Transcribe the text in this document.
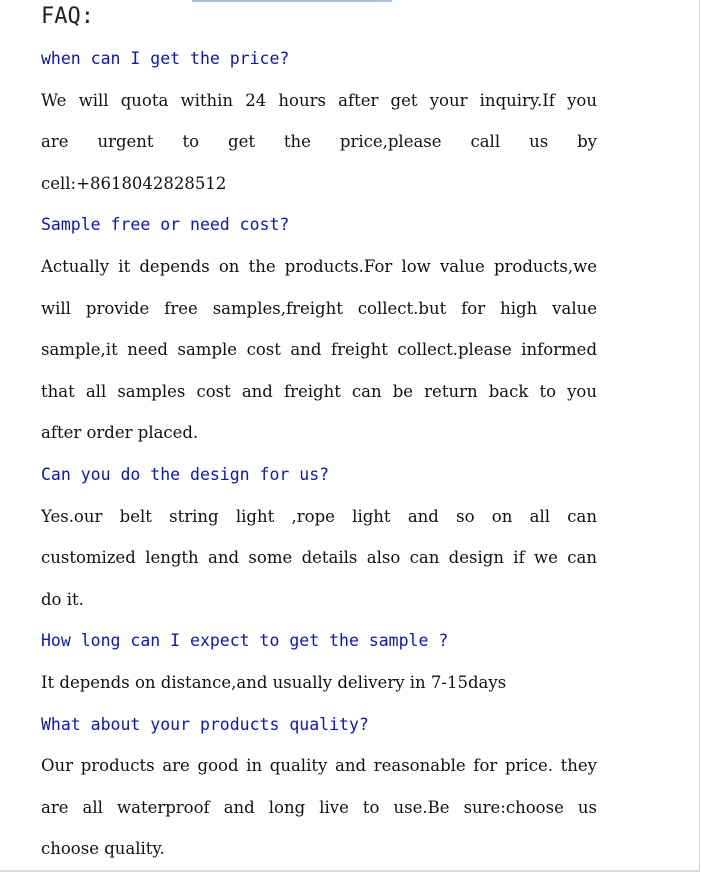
FAQ:
when can I get the price?
We will quota within 24 hours after get your inquiry.If you
are urgent to get the price,please call us by
cell:+8618042828512
Sample free or need cost?
Actually it depends on the products.For low value products,we
will provide free samples,freight collect.but for high value
sample,it need sample cost and freight collect.please informed
that all samples cost and freight can be return back to you
after order placed.
Can you do the design for us?
Yes.our belt string light ,rope light and so on all can
customized length and some details also can design if we can
do it.
How long can I expect to get the sample ?
It depends on distance,and usually delivery in 7-15days
What about your products quality?
Our products are good in quality and reasonable for price. they
are all waterproof and long live to use.Be sure:choose us
choose quality.
